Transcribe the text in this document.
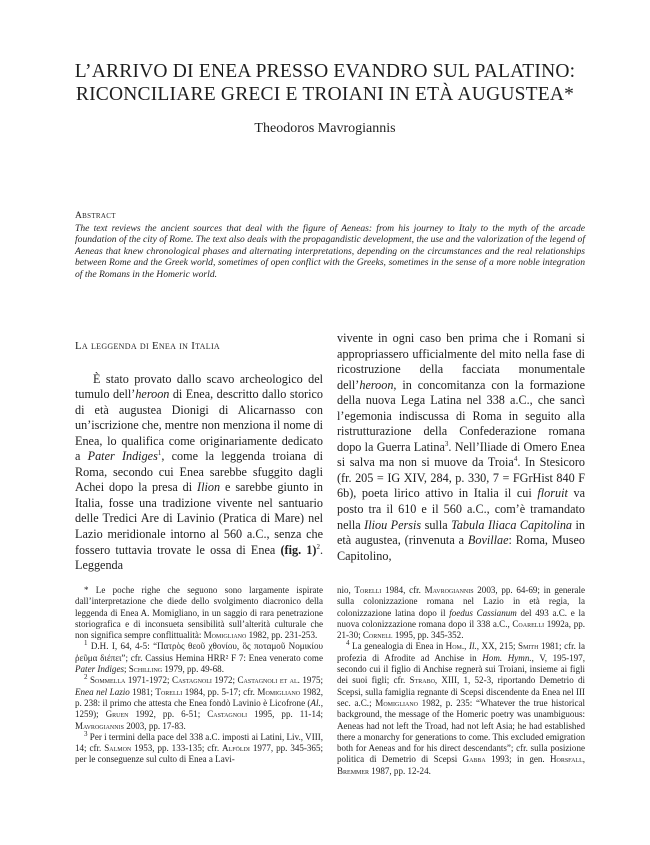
L’ARRIVO DI ENEA PRESSO EVANDRO SUL PALATINO:
RICONCILIARE GRECI E TROIANI IN ETÀ AUGUSTEA*

Theodoros Mavrogiannis

Abstract

The text reviews the ancient sources that deal with the figure of Aeneas: from his journey to Italy to the myth of the arcade foundation of the city of Rome. The text also deals with the propagandistic development, the use and the valorization of the legend of Aeneas that knew chronological phases and alternating interpretations, depending on the circumstances and the real relationships between Rome and the Greek world, sometimes of open conflict with the Greeks, sometimes in the sense of a more noble integration of the Romans in the Homeric world.

La leggenda di Enea in Italia

È stato provato dallo scavo archeologico del tumulo dell’heroon di Enea, descritto dallo storico di età augustea Dionigi di Alicarnasso con un’iscrizione che, mentre non menziona il nome di Enea, lo qualifica come originariamente dedicato a Pater Indiges$^1$, come la leggenda troiana di Roma, secondo cui Enea sarebbe sfuggito dagli Achei dopo la presa di Ilion e sarebbe giunto in Italia, fosse una tradizione vivente nel santuario delle Tredici Are di Lavinio (Pratica di Mare) nel Lazio meridionale intorno al 560 a.C., senza che fossero tuttavia trovate le ossa di Enea (fig. 1)$^2$. Leggenda

vivente in ogni caso ben prima che i Romani si appropriassero ufficialmente del mito nella fase di ricostruzione della facciata monumentale dell’heroon, in concomitanza con la formazione della nuova Lega Latina nel 338 a.C., che sancì l’egemonia indiscussa di Roma in seguito alla ristrutturazione della Confederazione romana dopo la Guerra Latina$^3$. Nell’Iliade di Omero Enea si salva ma non si muove da Troia$^4$. In Stesicoro (fr. 205 = IG XIV, 284, p. 330, 7 = FGrHist 840 F 6b), poeta lirico attivo in Italia il cui floruit va posto tra il 610 e il 560 a.C., com’è tramandato nella Iliou Persis sulla Tabula Iliaca Capitolina in età augustea, (rinvenuta a Bovillae: Roma, Museo Capitolino,

* Le poche righe che seguono sono largamente ispirate dall’interpretazione che diede dello svolgimento diacronico della leggenda di Enea A. Momigliano, in un saggio di rara penetrazione storiografica e di inconsueta sensibilità sull’alterità culturale che non significa sempre conflittualità: Momigliano 1982, pp. 231-253.

$^1$ D.H. I, 64, 4-5: “Πατρὸς θεοῦ χθονίου, ὃς ποταμοῦ Νομικίου ῥεῦμα διέπει”; cfr. Cassius Hemina HRR² F 7: Enea venerato come Pater Indiges; Schilling 1979, pp. 49-68.

$^2$ Sommella 1971-1972; Castagnoli 1972; Castagnoli et al. 1975; Enea nel Lazio 1981; Torelli 1984, pp. 5-17; cfr. Momigliano 1982, p. 238: il primo che attesta che Enea fondò Lavinio è Licofrone (Al., 1259); Gruen 1992, pp. 6-51; Castagnoli 1995, pp. 11-14; Mavrogiannis 2003, pp. 17-83.

$^3$ Per i termini della pace del 338 a.C. imposti ai Latini, Liv., VIII, 14; cfr. Salmon 1953, pp. 133-135; cfr. Alföldi 1977, pp. 345-365; per le conseguenze sul culto di Enea a Lavi-

nio, Torelli 1984, cfr. Mavrogiannis 2003, pp. 64-69; in generale sulla colonizzazione romana nel Lazio in età regia, la colonizzazione latina dopo il foedus Cassianum del 493 a.C. e la nuova colonizzazione romana dopo il 338 a.C., Coarelli 1992a, pp. 21-30; Cornell 1995, pp. 345-352.

$^4$ La genealogia di Enea in Hom., Il., XX, 215; Smith 1981; cfr. la profezia di Afrodite ad Anchise in Hom. Hymn., V, 195-197, secondo cui il figlio di Anchise regnerà sui Troiani, insieme ai figli dei suoi figli; cfr. Strabo, XIII, 1, 52-3, riportando Demetrio di Scepsi, sulla famiglia regnante di Scepsi discendente da Enea nel III sec. a.C.; Momigliano 1982, p. 235: “Whatever the true historical background, the message of the Homeric poetry was unambiguous: Aeneas had not left the Troad, had not left Asia; he had established there a monarchy for generations to come. This excluded emigration both for Aeneas and for his direct descendants”; cfr. sulla posizione politica di Demetrio di Scepsi Gabba 1993; in gen. Horsfall, Bremmer 1987, pp. 12-24.
